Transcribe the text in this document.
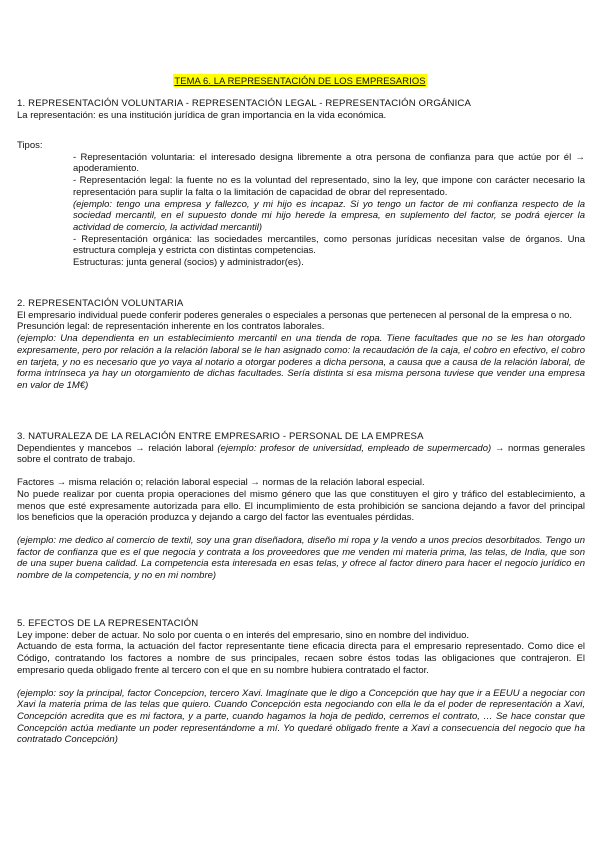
TEMA 6. LA REPRESENTACIÓN DE LOS EMPRESARIOS
1. REPRESENTACIÓN VOLUNTARIA - REPRESENTACIÓN LEGAL - REPRESENTACIÓN ORGÁNICA
La representación: es una institución jurídica de gran importancia en la vida económica.
Tipos:
- Representación voluntaria: el interesado designa libremente a otra persona de confianza para que actúe por él → apoderamiento.
- Representación legal: la fuente no es la voluntad del representado, sino la ley, que impone con carácter necesario la representación para suplir la falta o la limitación de capacidad de obrar del representado.
(ejemplo: tengo una empresa y fallezco, y mi hijo es incapaz. Si yo tengo un factor de mi confianza respecto de la sociedad mercantil, en el supuesto donde mi hijo herede la empresa, en suplemento del factor, se podrá ejercer la actividad de comercio, la actividad mercantil)
- Representación orgánica: las sociedades mercantiles, como personas jurídicas necesitan valse de órganos. Una estructura compleja y estricta con distintas competencias.
Estructuras: junta general (socios) y administrador(es).
2. REPRESENTACIÓN VOLUNTARIA
El empresario individual puede conferir poderes generales o especiales a personas que pertenecen al personal de la empresa o no.
Presunción legal: de representación inherente en los contratos laborales.
(ejemplo: Una dependienta en un establecimiento mercantil en una tienda de ropa. Tiene facultades que no se les han otorgado expresamente, pero por relación a la relación laboral se le han asignado como: la recaudación de la caja, el cobro en efectivo, el cobro en tarjeta, y no es necesario que yo vaya al notario a otorgar poderes a dicha persona, a causa que a causa de la relación laboral, de forma intrínseca ya hay un otorgamiento de dichas facultades. Sería distinta si esa misma persona tuviese que vender una empresa en valor de 1M€)
3. NATURALEZA DE LA RELACIÓN ENTRE EMPRESARIO - PERSONAL DE LA EMPRESA
Dependientes y mancebos → relación laboral (ejemplo: profesor de universidad, empleado de supermercado) → normas generales sobre el contrato de trabajo.
Factores → misma relación o; relación laboral especial → normas de la relación laboral especial.
No puede realizar por cuenta propia operaciones del mismo género que las que constituyen el giro y tráfico del establecimiento, a menos que esté expresamente autorizada para ello. El incumplimiento de esta prohibición se sanciona dejando a favor del principal los beneficios que la operación produzca y dejando a cargo del factor las eventuales pérdidas.
(ejemplo: me dedico al comercio de textil, soy una gran diseñadora, diseño mi ropa y la vendo a unos precios desorbitados. Tengo un factor de confianza que es el que negocia y contrata a los proveedores que me venden mi materia prima, las telas, de India, que son de una super buena calidad. La competencia esta interesada en esas telas, y ofrece al factor dinero para hacer el negocio jurídico en nombre de la competencia, y no en mi nombre)
5. EFECTOS DE LA REPRESENTACIÓN
Ley impone: deber de actuar. No solo por cuenta o en interés del empresario, sino en nombre del individuo.
Actuando de esta forma, la actuación del factor representante tiene eficacia directa para el empresario representado. Como dice el Código, contratando los factores a nombre de sus principales, recaen sobre éstos todas las obligaciones que contrajeron. El empresario queda obligado frente al tercero con el que en su nombre hubiera contratado el factor.
(ejemplo: soy la principal, factor Concepcion, tercero Xavi. Imagínate que le digo a Concepción que hay que ir a EEUU a negociar con Xavi la materia prima de las telas que quiero. Cuando Concepción esta negociando con ella le da el poder de representación a Xavi, Concepción acredita que es mi factora, y a parte, cuando hagamos la hoja de pedido, cerremos el contrato, … Se hace constar que Concepción actúa mediante un poder representándome a mí. Yo quedaré obligado frente a Xavi a consecuencia del negocio que ha contratado Concepción)
